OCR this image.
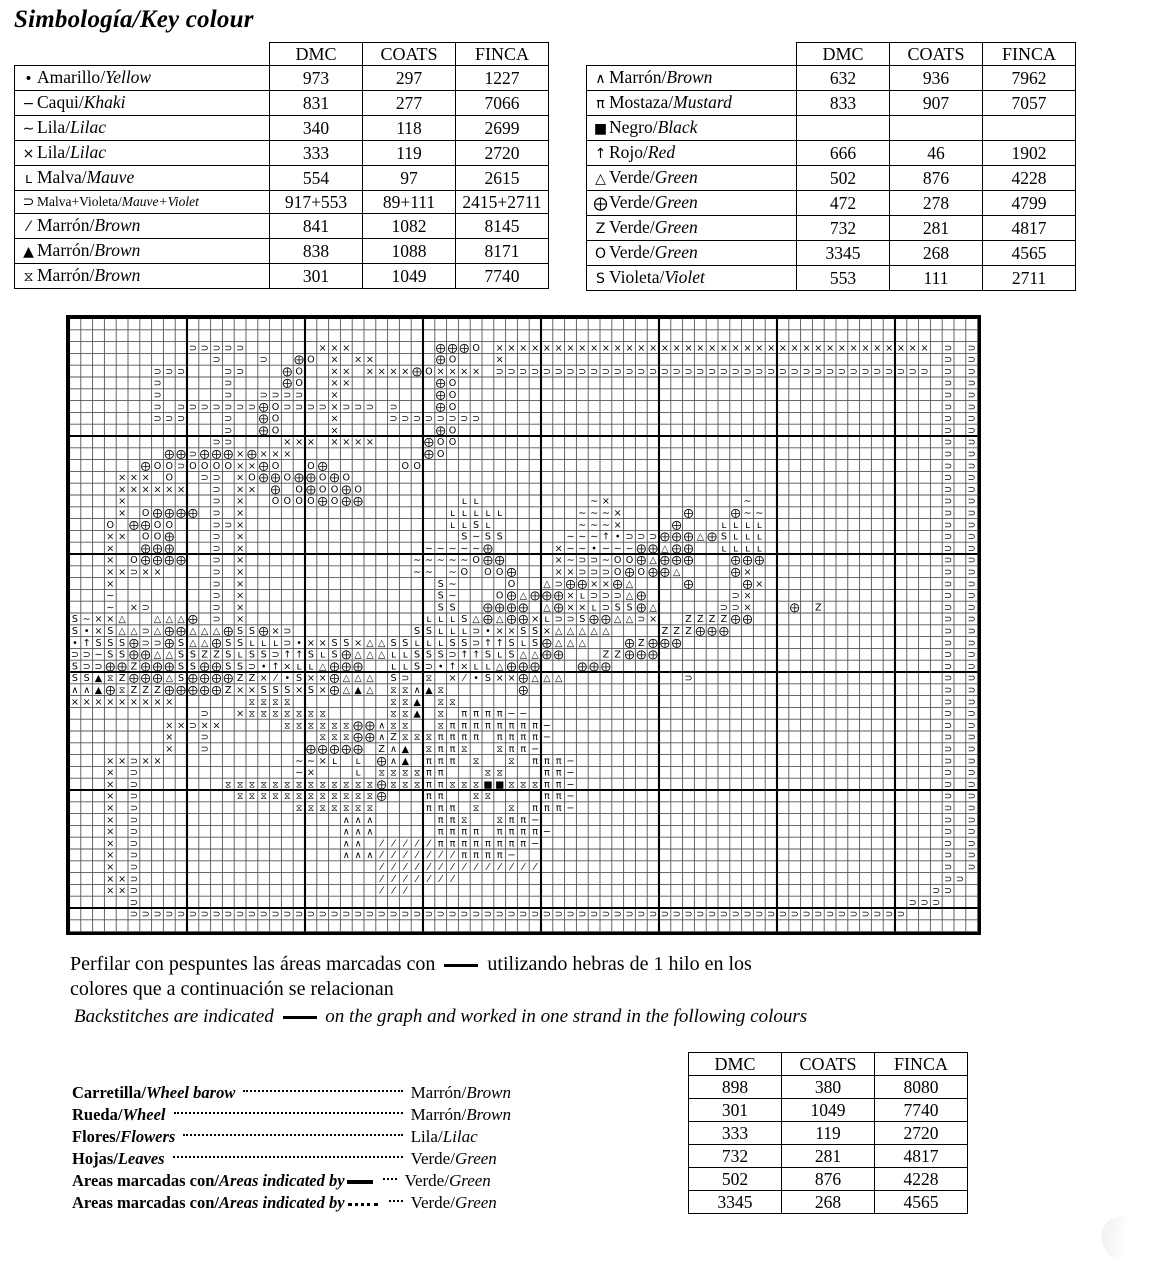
Simbología/Key colour
	DMC	COATS	FINCA
• Amarillo/Yellow	973	297	1227
− Caqui/Khaki	831	277	7066
∼ Lila/Lilac	340	118	2699
× Lila/Lilac	333	119	2720
ʟ Malva/Mauve	554	97	2615
⊃ Malva+Violeta/Mauve+Violet	917+553	89+111	2415+2711
⁄ Marrón/Brown	841	1082	8145
▲ Marrón/Brown	838	1088	8171
⧖ Marrón/Brown	301	1049	7740
	DMC	COATS	FINCA
∧ Marrón/Brown	632	936	7962
π Mostaza/Mustard	833	907	7057
■ Negro/Black			
↑ Rojo/Red	666	46	1902
△ Verde/Green	502	876	4228
⨁Verde/Green	472	278	4799
Z Verde/Green	732	281	4817
O Verde/Green	3345	268	4565
S Violeta/Violet	553	111	2711
⊃ ⊃ ⊃ ⊃ ⊃	× × ×	⨁ ⨁ ⨁ O × × × × × × × × × × × × × × × × × × × × × × × × × × × × × × × × × × × × × ⊃ ⊃
⊃	⊃	⨁ O × × ×	⨁ O	×	⊃ ⊃
⊃ ⊃ ⊃	⊃ ⊃	⨁ O	× × × × × × ⨁ O × × × × ⊃ ⊃ ⊃ ⊃ ⊃ ⊃ ⊃ ⊃ ⊃ ⊃ ⊃ ⊃ ⊃ ⊃ ⊃ ⊃ ⊃ ⊃ ⊃ ⊃ ⊃ ⊃ ⊃ ⊃ ⊃ ⊃ ⊃ ⊃ ⊃ ⊃ ⊃ ⊃ ⊃ ⊃ ⊃ ⊃ ⊃ ⊃ ⊃
⊃	⊃	⨁ O	× ×	⨁ O	⊃ ⊃
⊃	⊃	⊃ ⊃ ⊃ ⊃	×	⨁ O	⊃ ⊃
⊃ ⊃ ⊃ ⊃ ⊃ ⊃ ⊃ ⊃ ⨁ O ⊃ ⊃ ⊃ ⊃ × ⊃ ⊃ ⊃ ⊃	⨁ O	⊃ ⊃
⊃ ⊃ ⊃	⊃	⨁ O	×	⊃ ⊃ ⊃ ⊃ ⊃ ⊃ ⊃ ⊃	⊃ ⊃
⊃	⨁ O	×	⨁ O	⊃ ⊃
⊃ ⊃	× × × × × × ×	⨁ O O	⊃ ⊃
⨁ ⨁ ⊃ ⨁ ⨁ ⨁ × ⨁ × × ×	⨁ O	⊃ ⊃
⨁ O O ⊃ O O O O × × ⨁ O	O ⨁	O O	⊃ ⊃
× × × O	⊃ ⊃ × O ⨁ ⨁ O ⨁ ⨁ O ⨁ O	⊃ ⊃
× × × × × ×	⊃ × × ⨁ O ⨁ O O ⨁ O	⊃ ⊃
×	⊃ ×	O O O O ⨁ O ⨁ ⨁	ʟ ʟ	∼ ×	∼	⊃ ⊃
× O ⨁ ⨁ ⨁ ⨁ ⊃ ×	ʟ ʟ ʟ ʟ ʟ	∼ ∼ ∼ ×	⨁	⨁ ∼ ∼	⊃ ⊃
O ⨁ ⨁ O O	⊃ ⊃ ×	ʟ ʟ S ʟ	∼ ∼ ∼ ×	⨁	ʟ ʟ ʟ ʟ	⊃ ⊃
× × O O ⨁	⊃ ×	S ∼ S S	∼ ∼ ∼ ↑ • ⊃ ⊃ ⊃ ⨁ ⨁ ⨁ △ ⨁ S ʟ ʟ ʟ	⊃ ⊃
×	⨁ ⨁ ⨁	⊃ ×	∼ ∼ ∼ ∼ ∼ ⨁	× ∼ ∼ • ∼ ∼ ∼ ⨁ ⨁ △ ⨁ ⨁	ʟ ʟ ʟ ʟ	⊃ ⊃
× O ⨁ ⨁ ⨁ ⨁	⊃ ×	∼ ∼ ∼ ∼ ∼ O ⨁ ⨁	× ∼ ⊃ ⊃ ∼ O O ⨁ △ ⨁ ⨁ ⨁	⨁ ⨁ ⨁	⊃ ⊃
× × ⊃ × ×	⊃ ×	∼ ∼ ∼ O O O ⨁	× × ⊃ ⊃ ⊃ O ⨁ O ⨁ ⨁ △	⨁ ×	⊃ ⊃
×	⊃ ×	S ∼	O	△ ⊃ ⨁ ⨁ × × ⨁ △	⨁	⨁ ×	⊃ ⊃
∼	⊃ ×	S ∼	O ⨁ △ ⨁ ⨁ ⨁ × ʟ ⊃ ⊃ ⊃ △ ⨁	⊃ ×	⊃ ⊃
∼ × ⊃	⊃ ×	S S	⨁ ⨁ ⨁ ⨁ △ ⨁ × × ʟ ⊃ S S ⨁ △	⊃ ⊃ ×	⨁ Z	⊃ ⊃
S ∼ × × △	△ △ △ ⨁ ⊃ ×	ʟ ʟ ʟ S △ ⨁ △ ⨁ ⨁ × ʟ ⊃ ⊃ S ⨁ ⨁ △ △ ⊃ ×	Z Z Z Z ⨁ ⨁	⊃ ⊃
S • × S △ △ ⊃ △ ⨁ ⨁ △ △ △ ⨁ S S ⨁ × ⊃	S S ʟ ʟ ʟ ⊃ • × × S S × △ △ △ △ △	Z Z Z ⨁ ⨁ ⨁	⊃ ⊃
• ↑ S S S ⨁ ⊃ ⊃ ⨁ S △ △ ⨁ S S ʟ ʟ ʟ ⊃ • × × S S × △ △ S S ʟ ʟ ʟ S S ⊃ ↑ ↑ S ʟ S ⨁ △ △ △	⨁ Z ⨁ ⨁ ⨁	⊃ ⊃
⊃ ⊃ ∼ S S ⨁ ⨁ △ △ S S Z Z S ʟ S S ⊃ ↑ ↑ S ʟ S ⨁ △ △ △ ʟ ʟ S S S ⊃ ↑ ↑ S ʟ S △ △ ⨁ ⨁	Z Z ⨁ ⨁ ⨁	⊃ ⊃
S ⊃ ⊃ ⨁ ⨁ Z ⨁ ⨁ ⨁ S S ⨁ ⨁ S S ⊃ • ↑ × ʟ ʟ △ ⨁ ⨁ ⨁	ʟ ʟ S ⊃ • ↑ × ʟ ʟ △ ⨁ ⨁ ⨁	⨁ ⨁ ⨁	⊃ ⊃
S S ▲ ⧖ Z ⨁ ⨁ ⨁ △ S ⨁ ⨁ ⨁ ⨁ Z Z × ⁄ • S × × ⨁ △ △ △ S ⊃ ⧖ × ⁄ • S × × ⨁ △ △ △	⊃	⊃ ⊃
∧ ∧ ▲ ⨁ ⧖ Z Z Z ⨁ ⨁ ⨁ ⨁ ⨁ Z × × S S S × S × ⨁ △ ▲ △ ⧖ ⧖ ∧ ▲ ⧖	⨁	⊃ ⊃
× × × × × × × × ×	⧖ ⧖ ⧖ ⧖	⧖ ⧖ ▲ ⧖ ⧖	⊃ ⊃
⊃	× ⧖ ⧖ ⧖ ⧖ ⧖ ⧖ ⧖	⧖ ⧖ ▲ ⧖ π π π π − −	⊃ ⊃
× × ⊃ × ×	⧖ ⧖ ⧖ ⧖ ⧖ ⧖ ⨁ ⨁ ∧ ⧖ ⧖	⧖ π π π π π π π π −	⊃ ⊃
×	⊃	⧖ ⧖ ⧖ ⨁ ⨁ ∧ Z ⧖ ⧖ ⧖ π π π π π π π π −	⊃ ⊃
×	⊃	⨁ ⨁ ⨁ ⨁ ⨁ Z ∧ ▲ ⧖ π π ⧖	⧖ π π −	⊃ ⊃
× × ⊃ × ×	∼ ∼ × ʟ ʟ ⨁ ∧ ▲ π π π ⧖	⧖ π π π −	⊃ ⊃
× ⊃	∼ ×	ʟ ⧖ ⧖ ⧖ ⧖ π π	⧖ ⧖	π π −	⊃ ⊃
× ⊃	⧖ ⧖ ⧖ ⧖ ⧖ ⧖ ⧖ ⧖ ⧖ ⧖ ⧖ ⧖ ⧖ ⨁ ⧖ ⧖ ⧖ π π ⧖ ⧖ ⧖ ■ ■ ⧖ ⧖ ⧖ π π −	⊃ ⊃
× ⊃	⧖ ⧖ ⧖ ⧖ ⧖ ⧖ ⧖ ⧖ ⧖ ⧖ ⧖ ⧖ ⨁	π π	⧖ ⧖	π π −	⊃ ⊃
× ⊃	⧖ ⧖ ⧖ ⧖ ⧖ ⧖ ⧖	π π π ⧖	⧖ π π π −	⊃ ⊃
× ⊃	∧ ∧ ∧	π π ⧖	⧖ π π −	⊃ ⊃
× ⊃	∧ ∧ ∧	π π π π π π π π −	⊃ ⊃
× ⊃	∧ ∧ ⁄ ⁄ ⁄ ⁄ ⁄ π π π π π π π π −	⊃ ⊃
× ⊃	∧ ∧ ∧ ⁄ ⁄ ⁄ ⁄ ⁄ ⁄ ⁄ π π π π −	⊃ ⊃
× ⊃	⁄ ⁄ ⁄ ⁄ ⁄ ⁄ ⁄ ⁄ ⁄ ⁄ ⁄ ⁄ ⁄ ⁄	⊃ ⊃
× × ⊃	⁄ ⁄ ⁄ ⁄ ⁄ ⁄ ⁄	⊃ ⊃
× × ⊃	⁄ ⁄ ⁄	⊃ ⊃
⊃	⊃ ⊃ ⊃
⊃ ⊃ ⊃ ⊃ ⊃ ⊃ ⊃ ⊃ ⊃ ⊃ ⊃ ⊃ ⊃ ⊃ ⊃ ⊃ ⊃ ⊃ ⊃ ⊃ ⊃ ⊃ ⊃ ⊃ ⊃ ⊃ ⊃ ⊃ ⊃ ⊃ ⊃ ⊃ ⊃ ⊃ ⊃ ⊃ ⊃ ⊃ ⊃ ⊃ ⊃ ⊃ ⊃ ⊃ ⊃ ⊃ ⊃ ⊃ ⊃ ⊃ ⊃ ⊃ ⊃ ⊃ ⊃ ⊃ ⊃ ⊃ ⊃ ⊃ ⊃ ⊃ ⊃ ⊃ ⊃ ⊃
Perfilar con pespuntes las áreas marcadas con	utilizando hebras de 1 hilo en los
colores que a continuación se relacionan
Backstitches are indicated	on the graph and worked in one strand in the following colours
Carretilla/Wheel barow	Marrón/Brown
Rueda/Wheel	Marrón/Brown
Flores/Flowers	Lila/Lilac
Hojas/Leaves	Verde/Green
Areas marcadas con/Areas indicated by	Verde/Green
Areas marcadas con/Areas indicated by	Verde/Green
DMC	COATS	FINCA
898	380	8080
301	1049	7740
333	119	2720
732	281	4817
502	876	4228
3345	268	4565
